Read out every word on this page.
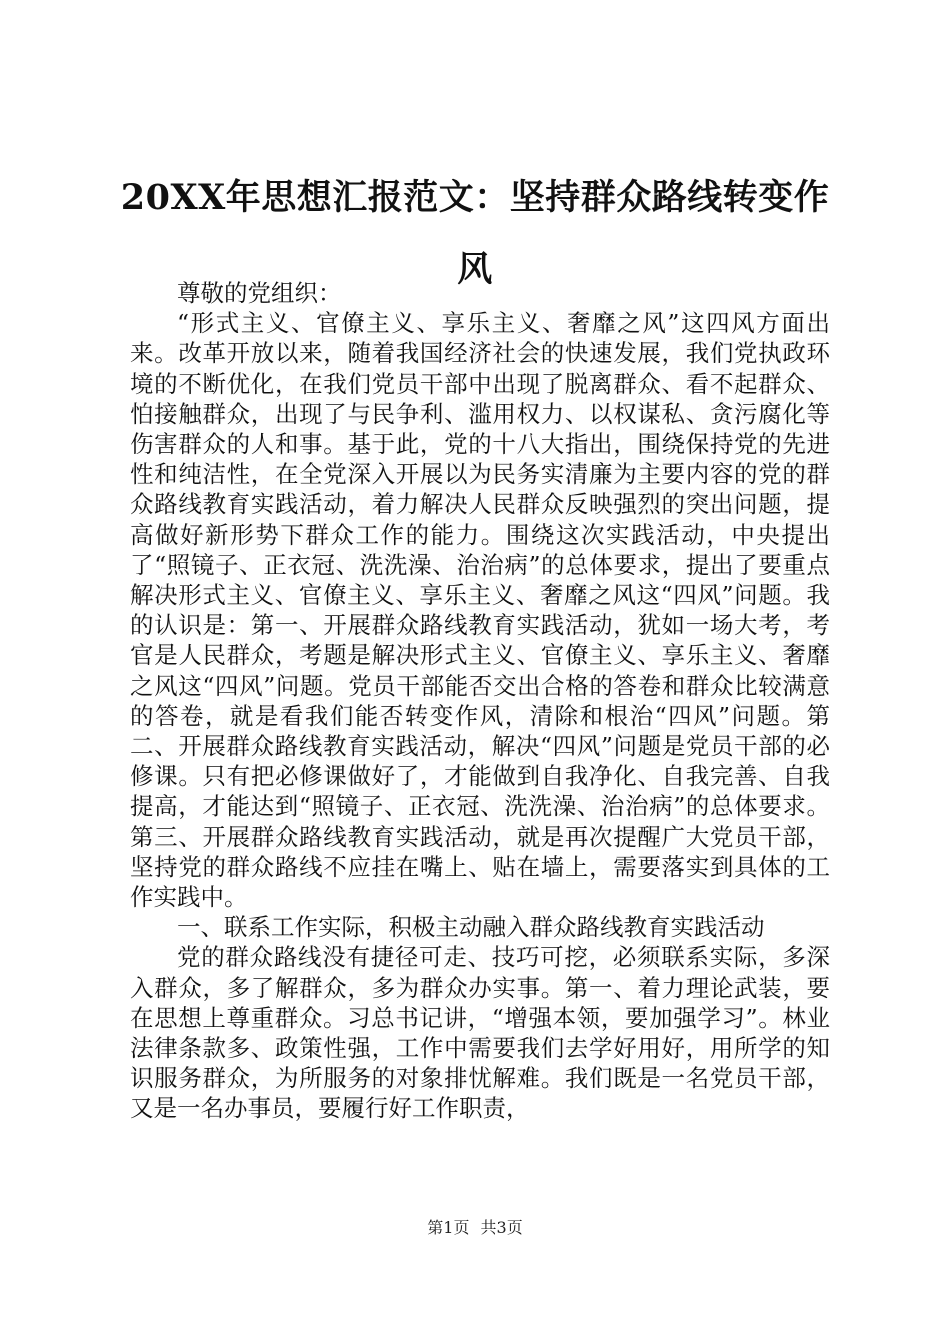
20XX年思想汇报范文：坚持群众路线转变作风

尊敬的党组织：

“形式主义、官僚主义、享乐主义、奢靡之风”这四风方面出来。改革开放以来，随着我国经济社会的快速发展，我们党执政环境的不断优化，在我们党员干部中出现了脱离群众、看不起群众、怕接触群众，出现了与民争利、滥用权力、以权谋私、贪污腐化等伤害群众的人和事。基于此，党的十八大指出，围绕保持党的先进性和纯洁性，在全党深入开展以为民务实清廉为主要内容的党的群众路线教育实践活动，着力解决人民群众反映强烈的突出问题，提高做好新形势下群众工作的能力。围绕这次实践活动，中央提出了“照镜子、正衣冠、洗洗澡、治治病”的总体要求，提出了要重点解决形式主义、官僚主义、享乐主义、奢靡之风这“四风”问题。我的认识是：第一、开展群众路线教育实践活动，犹如一场大考，考官是人民群众，考题是解决形式主义、官僚主义、享乐主义、奢靡之风这“四风”问题。党员干部能否交出合格的答卷和群众比较满意的答卷，就是看我们能否转变作风，清除和根治“四风”问题。第二、开展群众路线教育实践活动，解决“四风”问题是党员干部的必修课。只有把必修课做好了，才能做到自我净化、自我完善、自我提高，才能达到“照镜子、正衣冠、洗洗澡、治治病”的总体要求。第三、开展群众路线教育实践活动，就是再次提醒广大党员干部，坚持党的群众路线不应挂在嘴上、贴在墙上，需要落实到具体的工作实践中。

一、联系工作实际，积极主动融入群众路线教育实践活动

党的群众路线没有捷径可走、技巧可挖，必须联系实际，多深入群众，多了解群众，多为群众办实事。第一、着力理论武装，要在思想上尊重群众。习总书记讲，“增强本领，要加强学习”。林业法律条款多、政策性强，工作中需要我们去学好用好，用所学的知识服务群众，为所服务的对象排忧解难。我们既是一名党员干部，又是一名办事员，要履行好工作职责，

第1页 共3页
